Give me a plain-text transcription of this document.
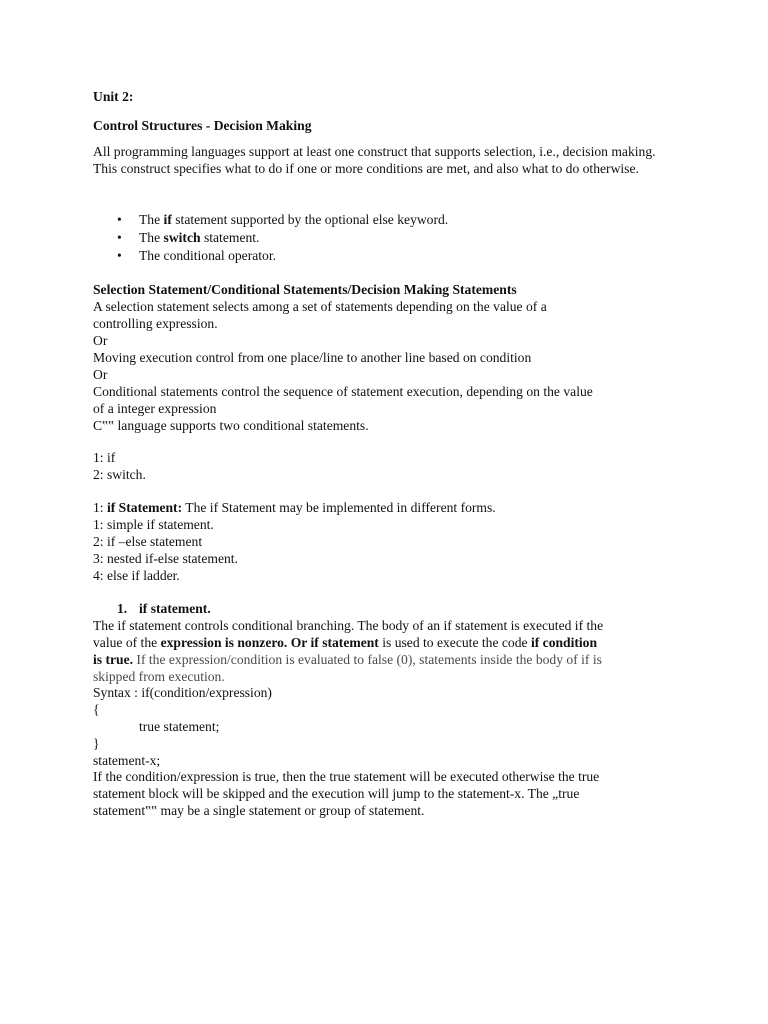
Unit 2:

Control Structures - Decision Making

All programming languages support at least one construct that supports selection, i.e., decision making. This construct specifies what to do if one or more conditions are met, and also what to do otherwise.

• The if statement supported by the optional else keyword.
• The switch statement.
• The conditional operator.
Selection Statement/Conditional Statements/Decision Making Statements
A selection statement selects among a set of statements depending on the value of a
controlling expression.
Or
Moving execution control from one place/line to another line based on condition
Or
Conditional statements control the sequence of statement execution, depending on the value
of a integer expression
C‟‟ language supports two conditional statements.
1: if
2: switch.
1: if Statement: The if Statement may be implemented in different forms.
1: simple if statement.
2: if –else statement
3: nested if-else statement.
4: else if ladder.
1. if statement.
The if statement controls conditional branching. The body of an if statement is executed if the
value of the expression is nonzero. Or if statement is used to execute the code if condition
is true. If the expression/condition is evaluated to false (0), statements inside the body of if is
skipped from execution.
Syntax : if(condition/expression)
{
true statement;
}
statement-x;
If the condition/expression is true, then the true statement will be executed otherwise the true
statement block will be skipped and the execution will jump to the statement-x. The „true
statement‟‟ may be a single statement or group of statement.
